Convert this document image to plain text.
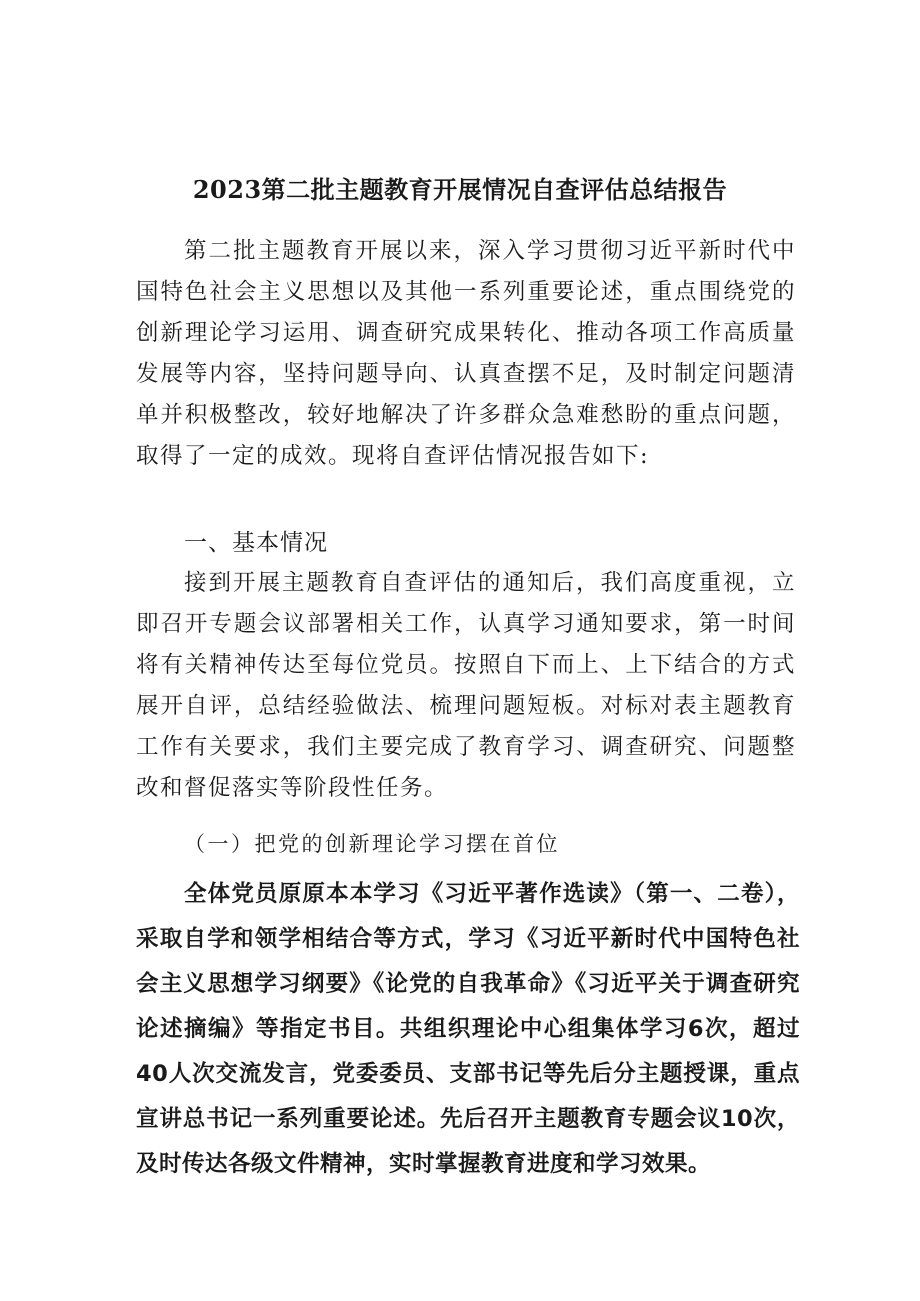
2023第二批主题教育开展情况自查评估总结报告

第二批主题教育开展以来，深入学习贯彻习近平新时代中国特色社会主义思想以及其他一系列重要论述，重点围绕党的创新理论学习运用、调查研究成果转化、推动各项工作高质量发展等内容，坚持问题导向、认真查摆不足，及时制定问题清单并积极整改，较好地解决了许多群众急难愁盼的重点问题，取得了一定的成效。现将自查评估情况报告如下:

一、基本情况

接到开展主题教育自查评估的通知后，我们高度重视，立即召开专题会议部署相关工作，认真学习通知要求，第一时间将有关精神传达至每位党员。按照自下而上、上下结合的方式展开自评，总结经验做法、梳理问题短板。对标对表主题教育工作有关要求，我们主要完成了教育学习、调查研究、问题整改和督促落实等阶段性任务。

（一）把党的创新理论学习摆在首位

全体党员原原本本学习《习近平著作选读》（第一、二卷），采取自学和领学相结合等方式，学习《习近平新时代中国特色社会主义思想学习纲要》《论党的自我革命》《习近平关于调查研究论述摘编》等指定书目。共组织理论中心组集体学习6次，超过40人次交流发言，党委委员、支部书记等先后分主题授课，重点宣讲总书记一系列重要论述。先后召开主题教育专题会议10次，及时传达各级文件精神，实时掌握教育进度和学习效果。
